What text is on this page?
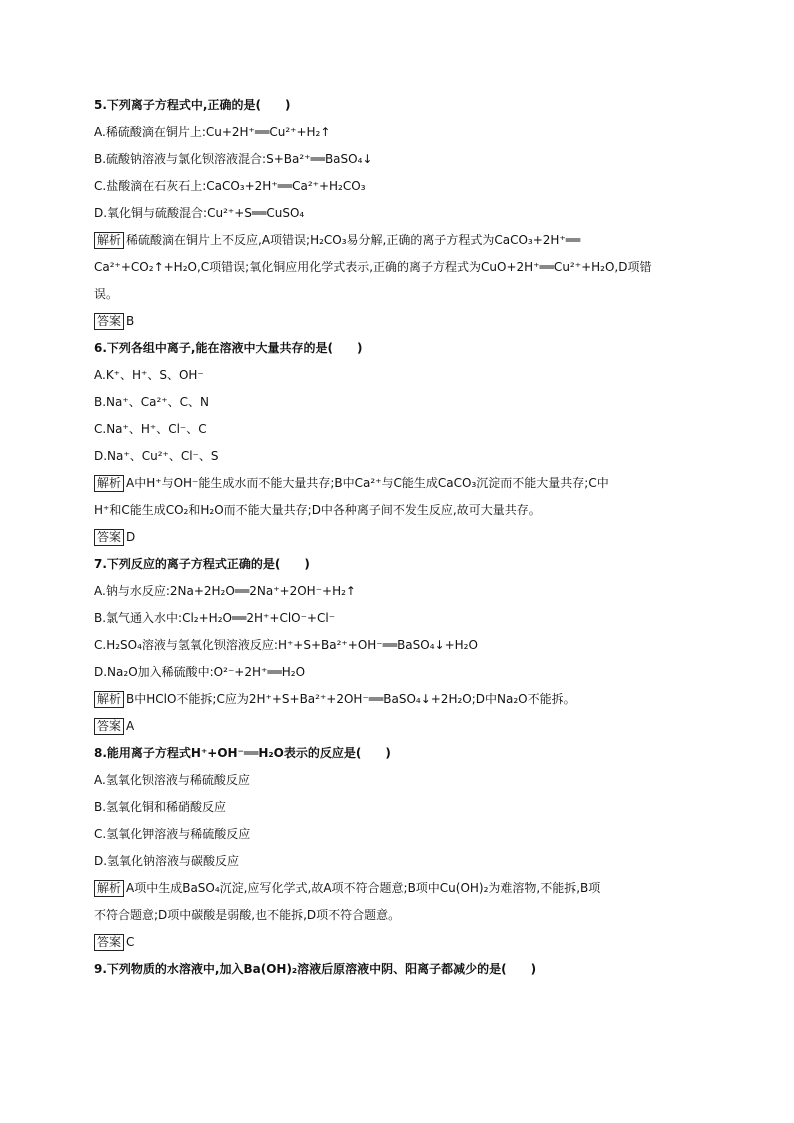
5.下列离子方程式中,正确的是(　　)
A.稀硫酸滴在铜片上:Cu+2H⁺══Cu²⁺+H₂↑
B.硫酸钠溶液与氯化钡溶液混合:S+Ba²⁺══BaSO₄↓
C.盐酸滴在石灰石上:CaCO₃+2H⁺══Ca²⁺+H₂CO₃
D.氧化铜与硫酸混合:Cu²⁺+S══CuSO₄
解析 稀硫酸滴在铜片上不反应,A项错误;H₂CO₃易分解,正确的离子方程式为CaCO₃+2H⁺══
Ca²⁺+CO₂↑+H₂O,C项错误;氧化铜应用化学式表示,正确的离子方程式为CuO+2H⁺══Cu²⁺+H₂O,D项错
误。
答案 B
6.下列各组中离子,能在溶液中大量共存的是(　　)
A.K⁺、H⁺、S、OH⁻
B.Na⁺、Ca²⁺、C、N
C.Na⁺、H⁺、Cl⁻、C
D.Na⁺、Cu²⁺、Cl⁻、S
解析 A中H⁺与OH⁻能生成水而不能大量共存;B中Ca²⁺与C能生成CaCO₃沉淀而不能大量共存;C中
H⁺和C能生成CO₂和H₂O而不能大量共存;D中各种离子间不发生反应,故可大量共存。
答案 D
7.下列反应的离子方程式正确的是(　　)
A.钠与水反应:2Na+2H₂O══2Na⁺+2OH⁻+H₂↑
B.氯气通入水中:Cl₂+H₂O══2H⁺+ClO⁻+Cl⁻
C.H₂SO₄溶液与氢氧化钡溶液反应:H⁺+S+Ba²⁺+OH⁻══BaSO₄↓+H₂O
D.Na₂O加入稀硫酸中:O²⁻+2H⁺══H₂O
解析 B中HClO不能拆;C应为2H⁺+S+Ba²⁺+2OH⁻══BaSO₄↓+2H₂O;D中Na₂O不能拆。
答案 A
8.能用离子方程式H⁺+OH⁻══H₂O表示的反应是(　　)
A.氢氧化钡溶液与稀硫酸反应
B.氢氧化铜和稀硝酸反应
C.氢氧化钾溶液与稀硫酸反应
D.氢氧化钠溶液与碳酸反应
解析 A项中生成BaSO₄沉淀,应写化学式,故A项不符合题意;B项中Cu(OH)₂为难溶物,不能拆,B项
不符合题意;D项中碳酸是弱酸,也不能拆,D项不符合题意。
答案 C
9.下列物质的水溶液中,加入Ba(OH)₂溶液后原溶液中阴、阳离子都减少的是(　　)
